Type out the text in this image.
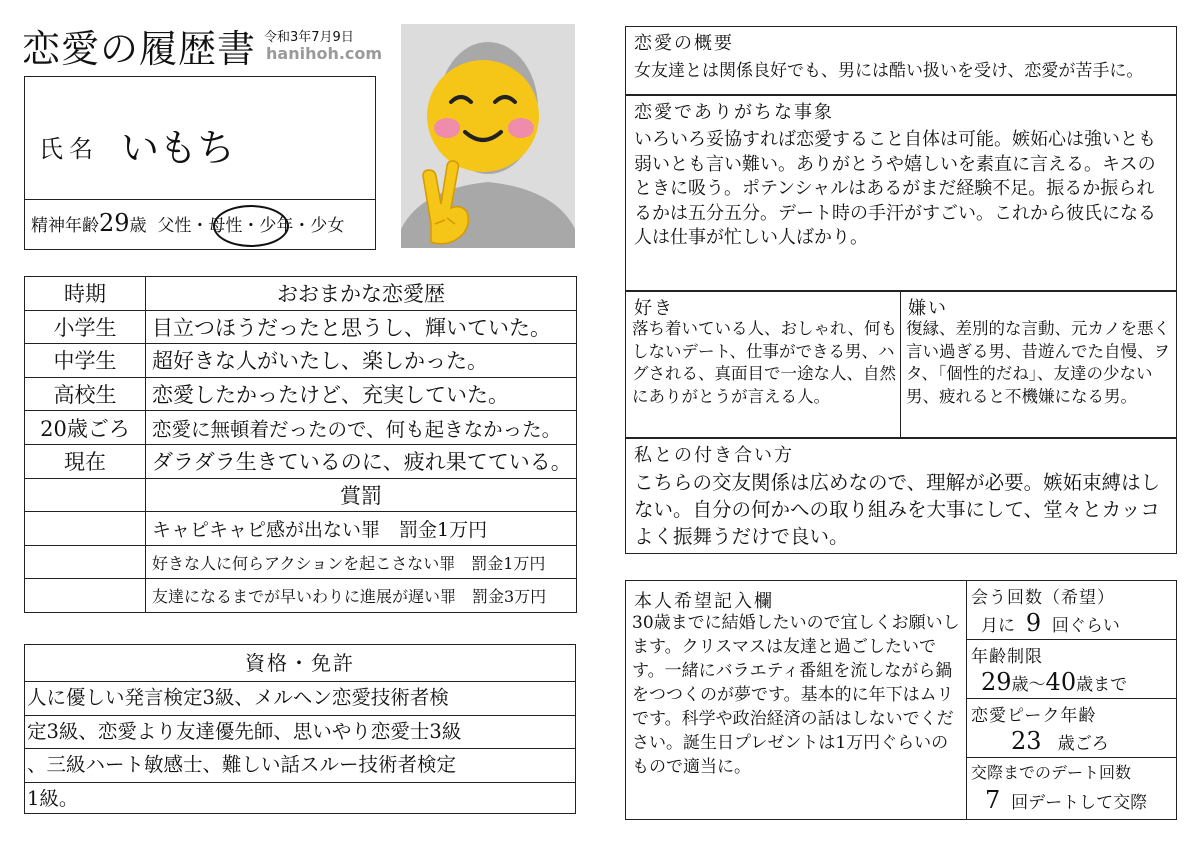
恋愛の履歴書 令和3年7月9日
hanihoh.com
氏名 いもち
精神年齢29歳 父性・母性・少年・少女
時期	おおまかな恋愛歴
小学生	目立つほうだったと思うし、輝いていた。
中学生	超好きな人がいたし、楽しかった。
高校生	恋愛したかったけど、充実していた。
20歳ごろ	恋愛に無頓着だったので、何も起きなかった。
現在	ダラダラ生きているのに、疲れ果てている。
	賞罰
	キャピキャピ感が出ない罪　罰金1万円
	好きな人に何らアクションを起こさない罪　罰金1万円
	友達になるまでが早いわりに進展が遅い罪　罰金3万円
資格・免許
人に優しい発言検定3級、メルヘン恋愛技術者検
定3級、恋愛より友達優先師、思いやり恋愛士3級
、三級ハート敏感士、難しい話スルー技術者検定
1級。
恋愛の概要
女友達とは関係良好でも、男には酷い扱いを受け、恋愛が苦手に。
恋愛でありがちな事象
いろいろ妥協すれば恋愛すること自体は可能。嫉妬心は強いとも弱いとも言い難い。ありがとうや嬉しいを素直に言える。キスのときに吸う。ポテンシャルはあるがまだ経験不足。振るか振られるかは五分五分。デート時の手汗がすごい。これから彼氏になる人は仕事が忙しい人ばかり。
好き
落ち着いている人、おしゃれ、何もしないデート、仕事ができる男、ハグされる、真面目で一途な人、自然にありがとうが言える人。
嫌い
復縁、差別的な言動、元カノを悪く言い過ぎる男、昔遊んでた自慢、ヲタ、「個性的だね」、友達の少ない男、疲れると不機嫌になる男。
私との付き合い方
こちらの交友関係は広めなので、理解が必要。嫉妬束縛はしない。自分の何かへの取り組みを大事にして、堂々とカッコよく振舞うだけで良い。
本人希望記入欄
30歳までに結婚したいので宜しくお願いします。クリスマスは友達と過ごしたいです。一緒にバラエティ番組を流しながら鍋をつつくのが夢です。基本的に年下はムリです。科学や政治経済の話はしないでください。誕生日プレゼントは1万円ぐらいのもので適当に。
会う回数（希望）
月に 9 回ぐらい
年齢制限
29歳〜40歳まで
恋愛ピーク年齢
23 歳ごろ
交際までのデート回数
7 回デートして交際
